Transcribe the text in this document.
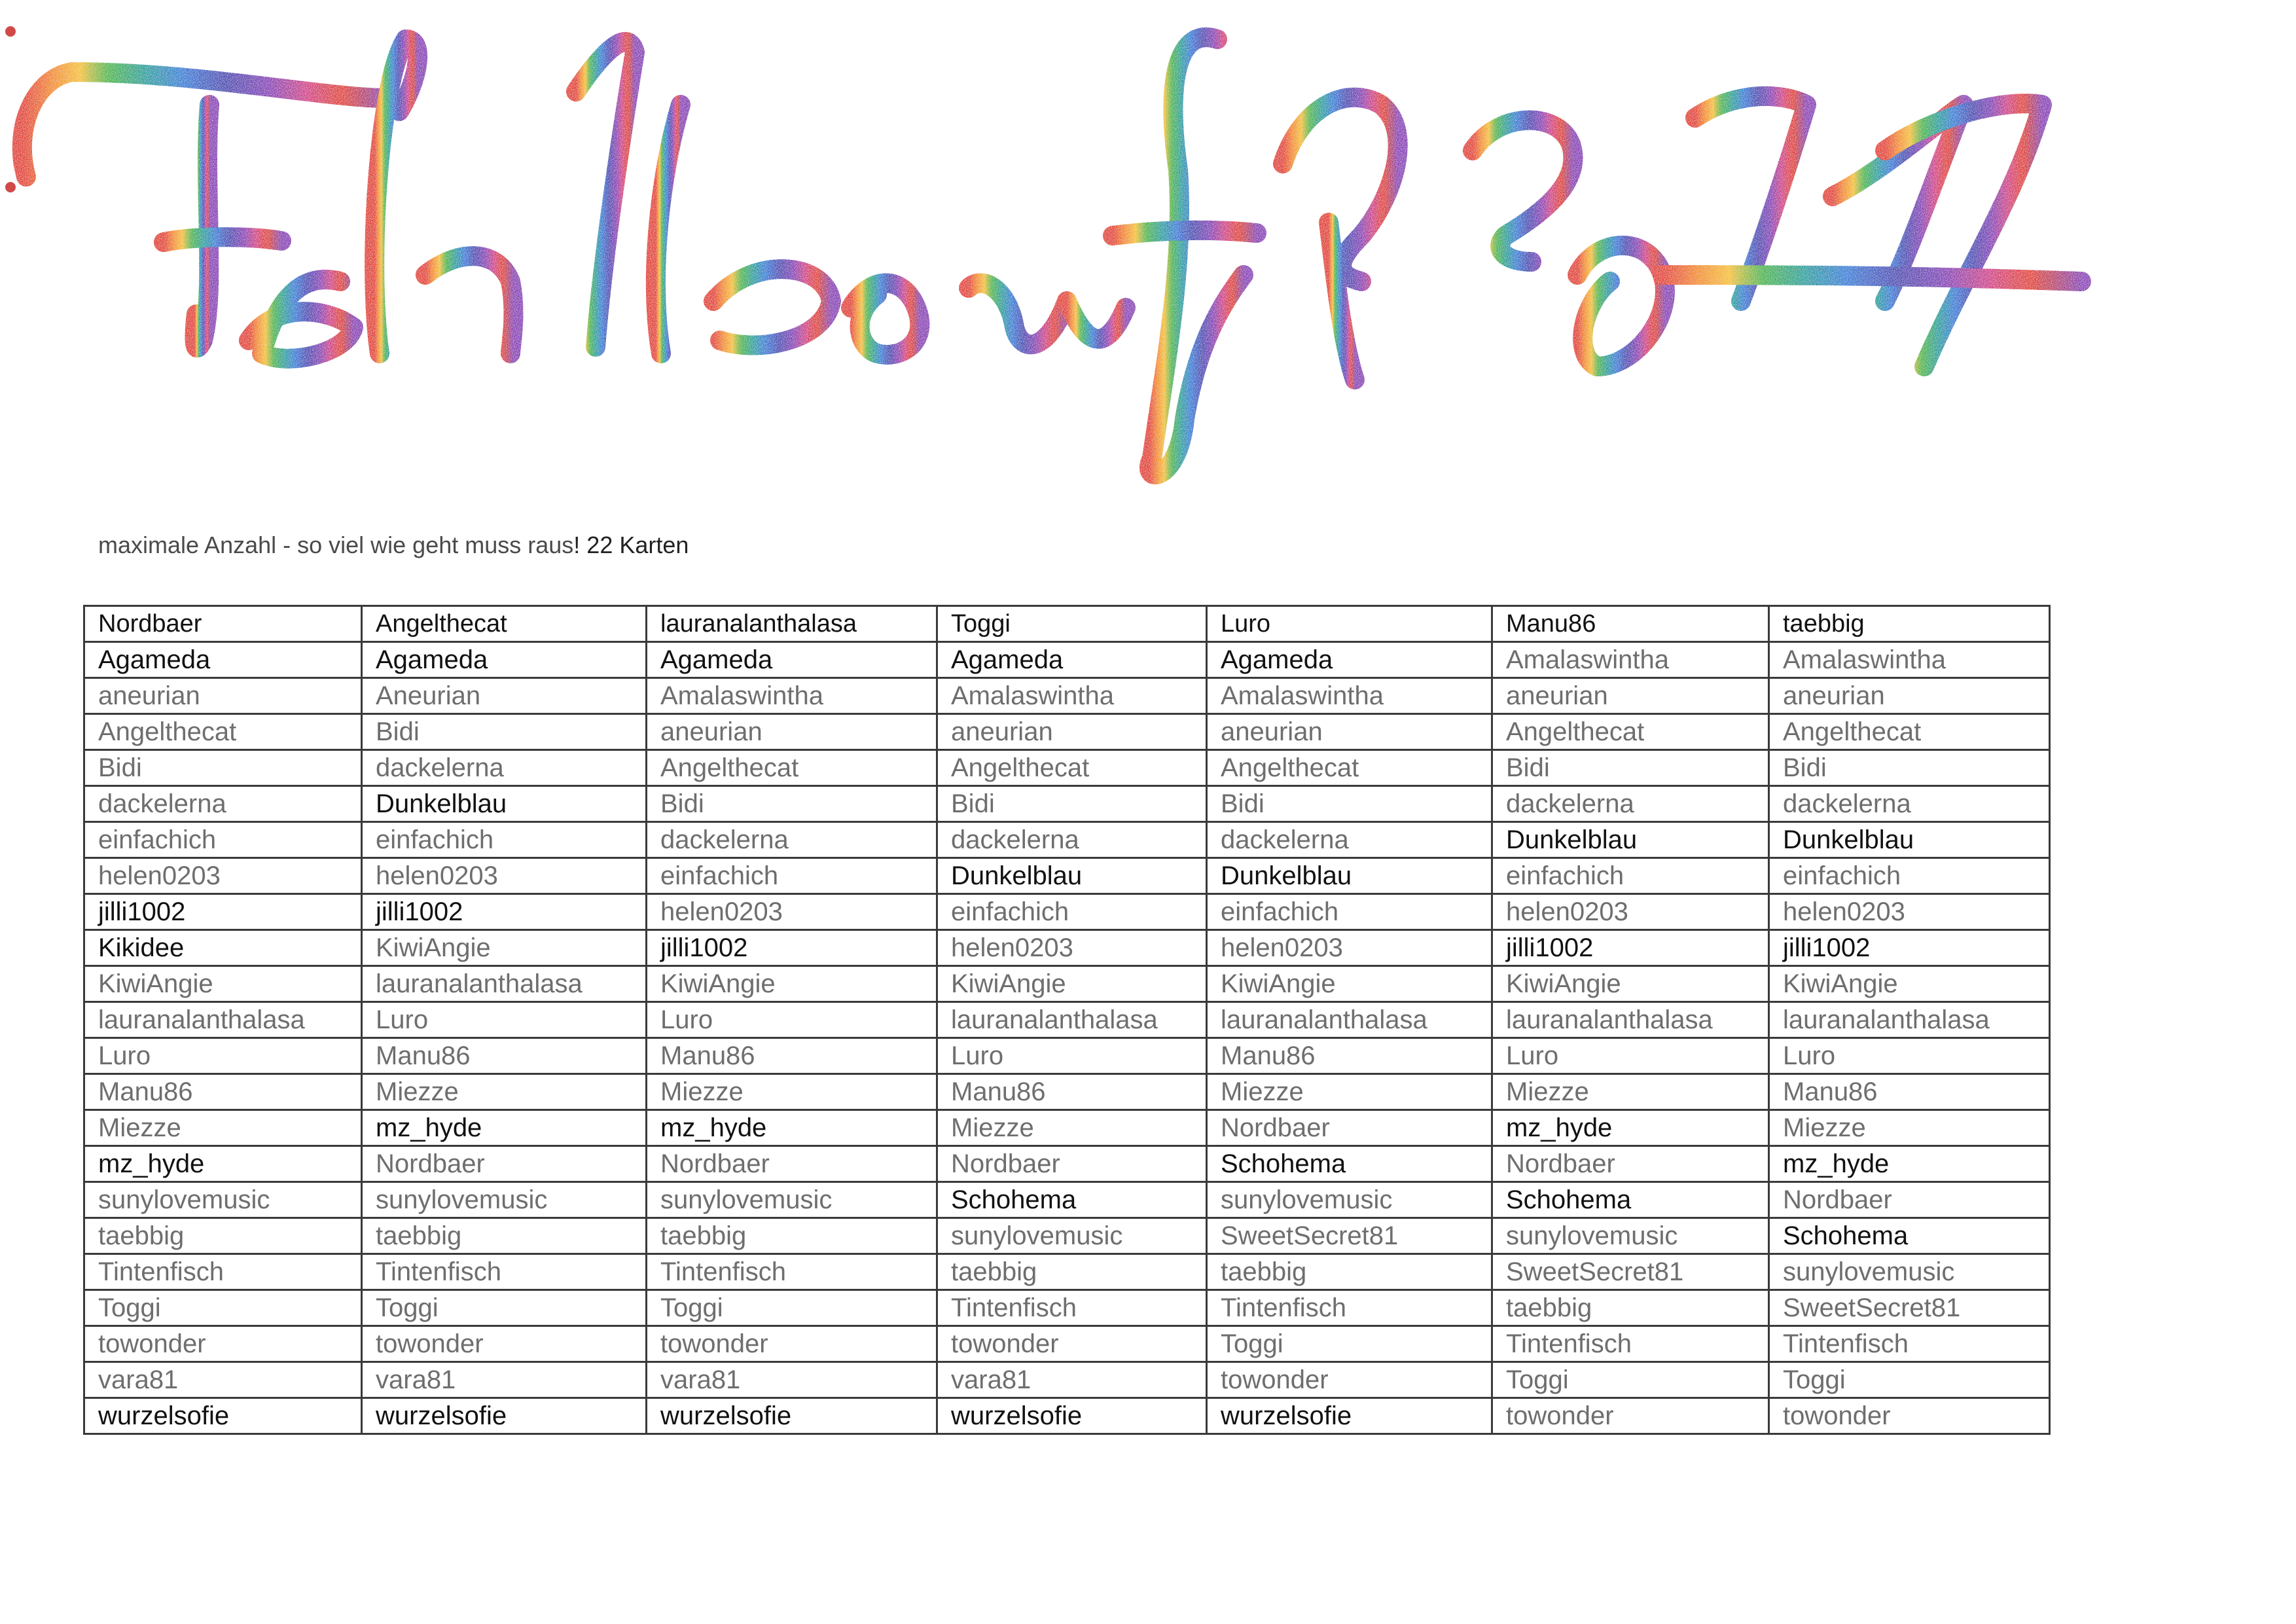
maximale Anzahl - so viel wie geht muss raus! 22 Karten
Nordbaer	Angelthecat	lauranalanthalasa	Toggi	Luro	Manu86	taebbig
Agameda	Agameda	Agameda	Agameda	Agameda	Amalaswintha	Amalaswintha
aneurian	Aneurian	Amalaswintha	Amalaswintha	Amalaswintha	aneurian	aneurian
Angelthecat	Bidi	aneurian	aneurian	aneurian	Angelthecat	Angelthecat
Bidi	dackelerna	Angelthecat	Angelthecat	Angelthecat	Bidi	Bidi
dackelerna	Dunkelblau	Bidi	Bidi	Bidi	dackelerna	dackelerna
einfachich	einfachich	dackelerna	dackelerna	dackelerna	Dunkelblau	Dunkelblau
helen0203	helen0203	einfachich	Dunkelblau	Dunkelblau	einfachich	einfachich
jilli1002	jilli1002	helen0203	einfachich	einfachich	helen0203	helen0203
Kikidee	KiwiAngie	jilli1002	helen0203	helen0203	jilli1002	jilli1002
KiwiAngie	lauranalanthalasa	KiwiAngie	KiwiAngie	KiwiAngie	KiwiAngie	KiwiAngie
lauranalanthalasa	Luro	Luro	lauranalanthalasa	lauranalanthalasa	lauranalanthalasa	lauranalanthalasa
Luro	Manu86	Manu86	Luro	Manu86	Luro	Luro
Manu86	Miezze	Miezze	Manu86	Miezze	Miezze	Manu86
Miezze	mz_hyde	mz_hyde	Miezze	Nordbaer	mz_hyde	Miezze
mz_hyde	Nordbaer	Nordbaer	Nordbaer	Schohema	Nordbaer	mz_hyde
sunylovemusic	sunylovemusic	sunylovemusic	Schohema	sunylovemusic	Schohema	Nordbaer
taebbig	taebbig	taebbig	sunylovemusic	SweetSecret81	sunylovemusic	Schohema
Tintenfisch	Tintenfisch	Tintenfisch	taebbig	taebbig	SweetSecret81	sunylovemusic
Toggi	Toggi	Toggi	Tintenfisch	Tintenfisch	taebbig	SweetSecret81
towonder	towonder	towonder	towonder	Toggi	Tintenfisch	Tintenfisch
vara81	vara81	vara81	vara81	towonder	Toggi	Toggi
wurzelsofie	wurzelsofie	wurzelsofie	wurzelsofie	wurzelsofie	towonder	towonder
